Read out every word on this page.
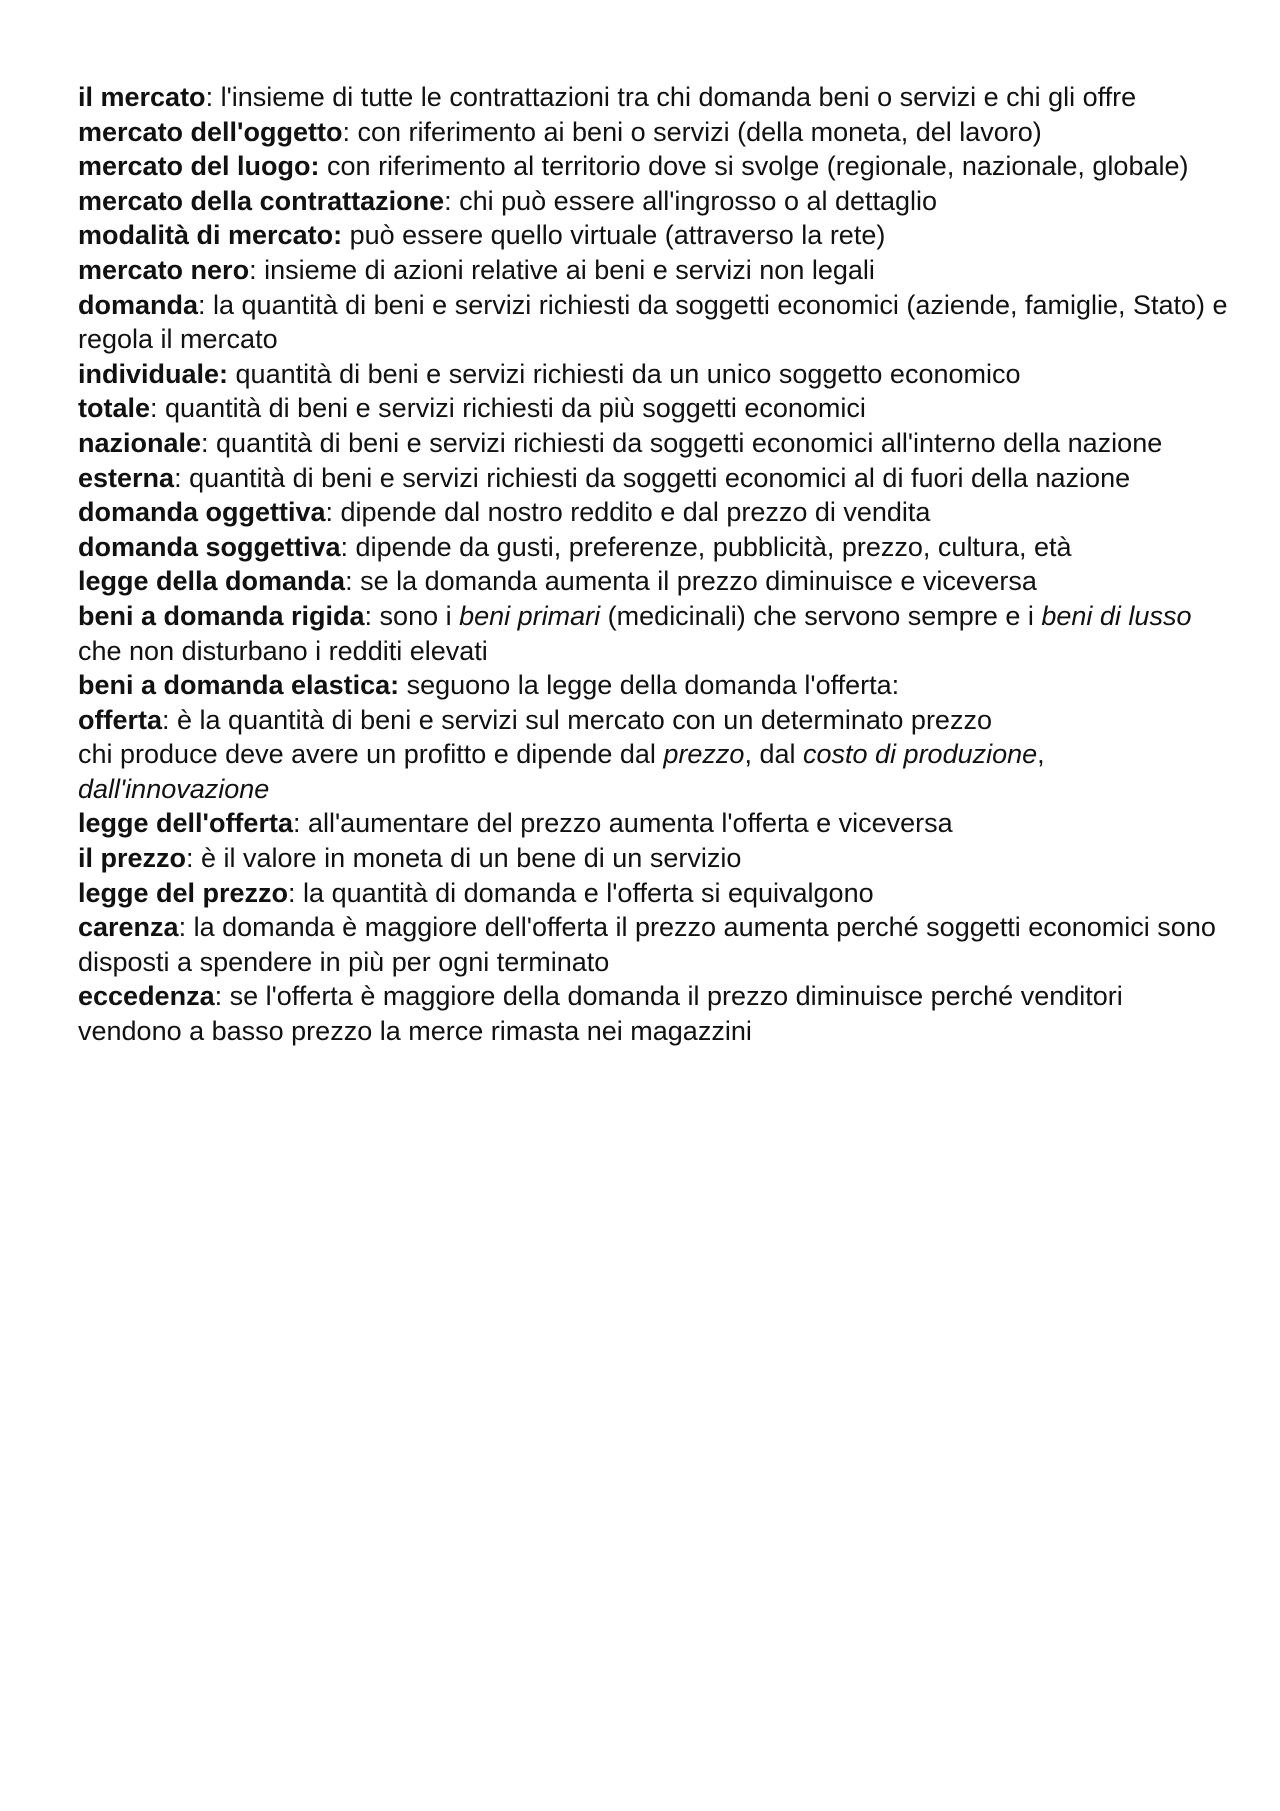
il mercato: l'insieme di tutte le contrattazioni tra chi domanda beni o servizi e chi gli offre

mercato dell'oggetto: con riferimento ai beni o servizi (della moneta, del lavoro)

mercato del luogo: con riferimento al territorio dove si svolge (regionale, nazionale, globale)

mercato della contrattazione: chi può essere all'ingrosso o al dettaglio

modalità di mercato: può essere quello virtuale (attraverso la rete)

mercato nero: insieme di azioni relative ai beni e servizi non legali

domanda: la quantità di beni e servizi richiesti da soggetti economici (aziende, famiglie, Stato) e regola il mercato

individuale: quantità di beni e servizi richiesti da un unico soggetto economico

totale: quantità di beni e servizi richiesti da più soggetti economici

nazionale: quantità di beni e servizi richiesti da soggetti economici all'interno della nazione

esterna: quantità di beni e servizi richiesti da soggetti economici al di fuori della nazione

domanda oggettiva: dipende dal nostro reddito e dal prezzo di vendita

domanda soggettiva: dipende da gusti, preferenze, pubblicità, prezzo, cultura, età

legge della domanda: se la domanda aumenta il prezzo diminuisce e viceversa

beni a domanda rigida: sono i beni primari (medicinali) che servono sempre e i beni di lusso che non disturbano i redditi elevati

beni a domanda elastica: seguono la legge della domanda l'offerta:

offerta: è la quantità di beni e servizi sul mercato con un determinato prezzo

chi produce deve avere un profitto e dipende dal prezzo, dal costo di produzione, dall'innovazione

legge dell'offerta: all'aumentare del prezzo aumenta l'offerta e viceversa

il prezzo: è il valore in moneta di un bene di un servizio

legge del prezzo: la quantità di domanda e l'offerta si equivalgono

carenza: la domanda è maggiore dell'offerta il prezzo aumenta perché soggetti economici sono disposti a spendere in più per ogni terminato

eccedenza: se l'offerta è maggiore della domanda il prezzo diminuisce perché venditori vendono a basso prezzo la merce rimasta nei magazzini
